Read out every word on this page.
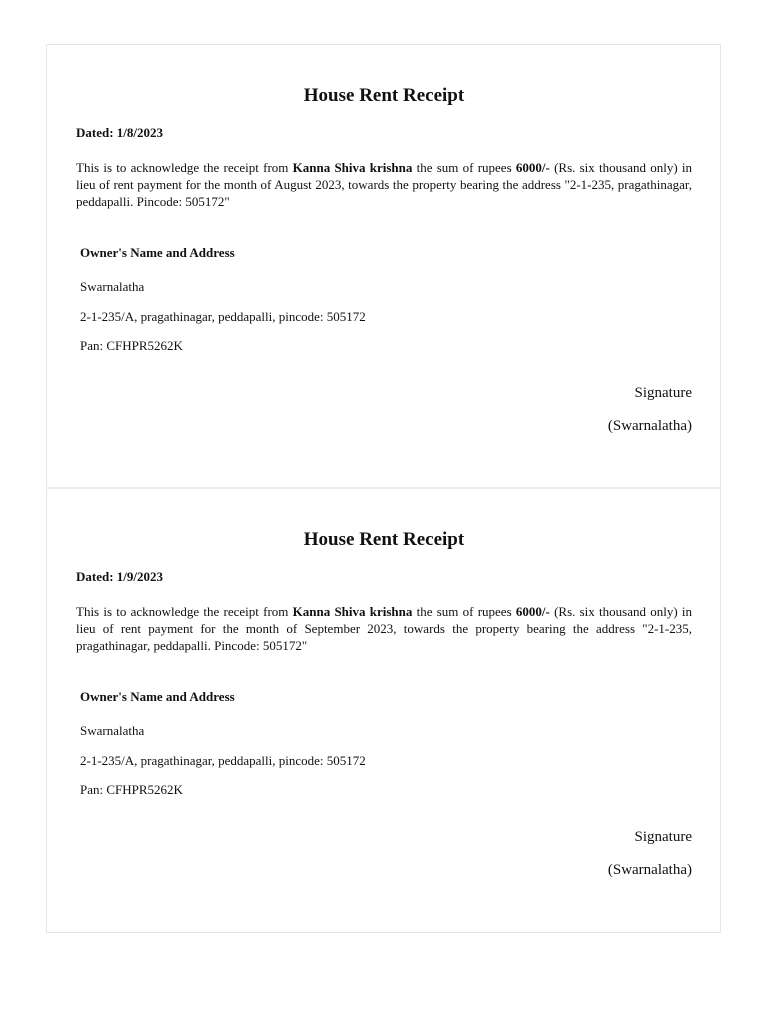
House Rent Receipt
Dated: 1/8/2023
This is to acknowledge the receipt from Kanna Shiva krishna the sum of rupees 6000/- (Rs. six thousand only) in lieu of rent payment for the month of August 2023, towards the property bearing the address "2-1-235, pragathinagar, peddapalli. Pincode: 505172"
Owner's Name and Address
Swarnalatha
2-1-235/A, pragathinagar, peddapalli, pincode: 505172
Pan: CFHPR5262K
Signature
(Swarnalatha)
House Rent Receipt
Dated: 1/9/2023
This is to acknowledge the receipt from Kanna Shiva krishna the sum of rupees 6000/- (Rs. six thousand only) in lieu of rent payment for the month of September 2023, towards the property bearing the address "2-1-235, pragathinagar, peddapalli. Pincode: 505172"
Owner's Name and Address
Swarnalatha
2-1-235/A, pragathinagar, peddapalli, pincode: 505172
Pan: CFHPR5262K
Signature
(Swarnalatha)
